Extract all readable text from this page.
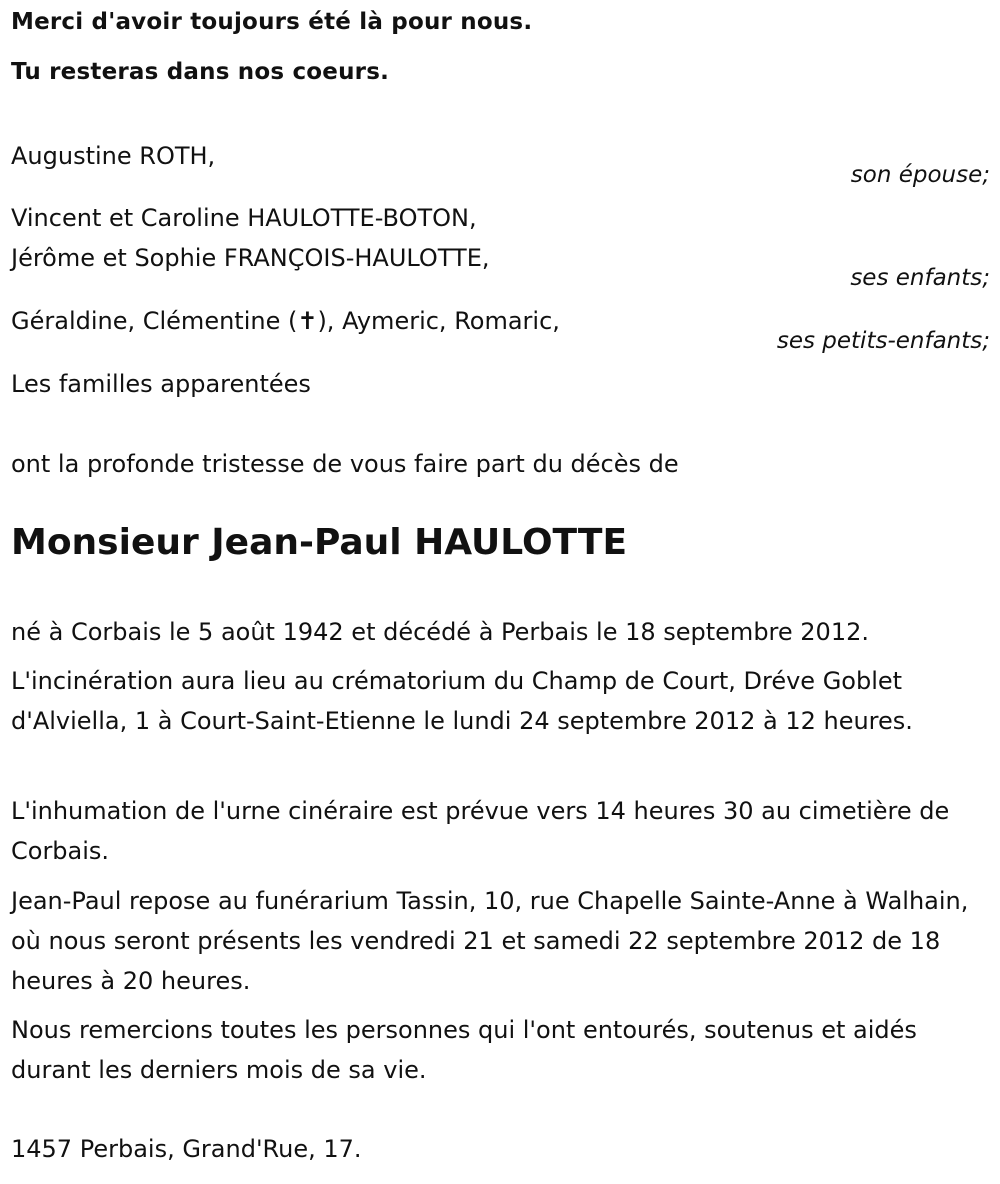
Merci d'avoir toujours été là pour nous.
Tu resteras dans nos coeurs.
Augustine ROTH,
son épouse;
Vincent et Caroline HAULOTTE-BOTON,
Jérôme et Sophie FRANÇOIS-HAULOTTE,
ses enfants;
Géraldine, Clémentine (✝), Aymeric, Romaric,
ses petits-enfants;
Les familles apparentées
ont la profonde tristesse de vous faire part du décès de
Monsieur Jean-Paul HAULOTTE
né à Corbais le 5 août 1942 et décédé à Perbais le 18 septembre 2012.
L'incinération aura lieu au crématorium du Champ de Court, Dréve Goblet d'Alviella, 1 à Court-Saint-Etienne le lundi 24 septembre 2012 à 12 heures.
L'inhumation de l'urne cinéraire est prévue vers 14 heures 30 au cimetière de Corbais.
Jean-Paul repose au funérarium Tassin, 10, rue Chapelle Sainte-Anne à Walhain, où nous seront présents les vendredi 21 et samedi 22 septembre 2012 de 18 heures à 20 heures.
Nous remercions toutes les personnes qui l'ont entourés, soutenus et aidés durant les derniers mois de sa vie.
1457 Perbais, Grand'Rue, 17.
